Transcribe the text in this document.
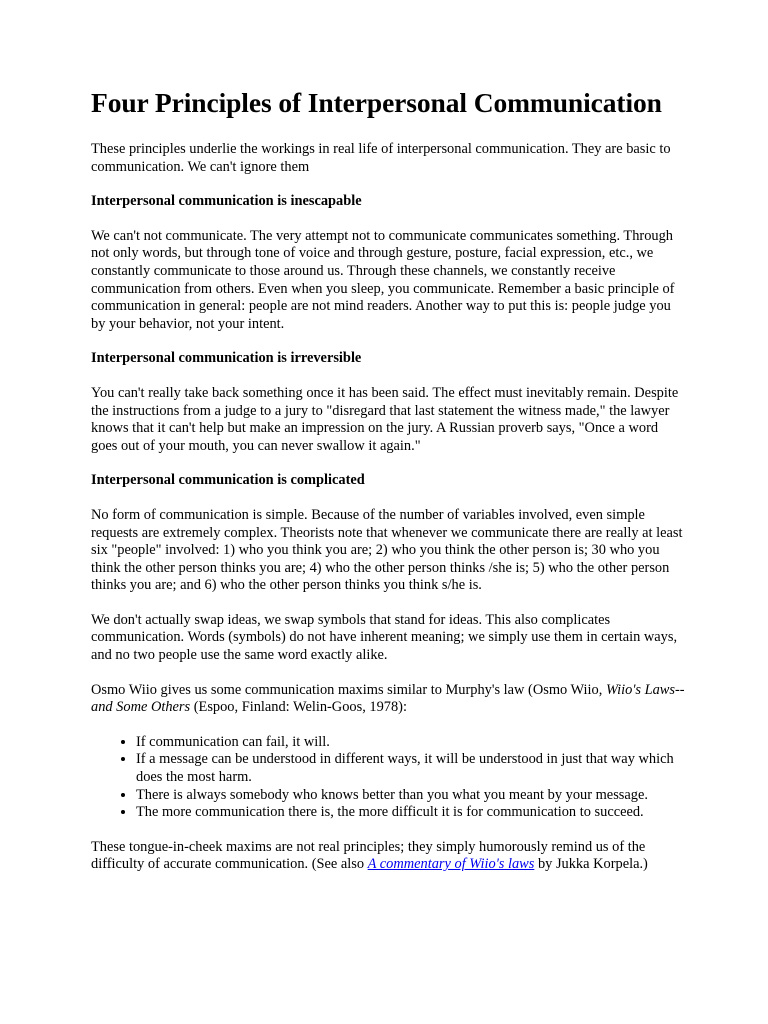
Four Principles of Interpersonal Communication

These principles underlie the workings in real life of interpersonal communication. They are basic to communication. We can't ignore them

Interpersonal communication is inescapable

We can't not communicate. The very attempt not to communicate communicates something. Through not only words, but through tone of voice and through gesture, posture, facial expression, etc., we constantly communicate to those around us. Through these channels, we constantly receive communication from others. Even when you sleep, you communicate. Remember a basic principle of communication in general: people are not mind readers. Another way to put this is: people judge you by your behavior, not your intent.

Interpersonal communication is irreversible

You can't really take back something once it has been said. The effect must inevitably remain. Despite the instructions from a judge to a jury to "disregard that last statement the witness made," the lawyer knows that it can't help but make an impression on the jury. A Russian proverb says, "Once a word goes out of your mouth, you can never swallow it again."

Interpersonal communication is complicated

No form of communication is simple. Because of the number of variables involved, even simple requests are extremely complex. Theorists note that whenever we communicate there are really at least six "people" involved: 1) who you think you are; 2) who you think the other person is; 30 who you think the other person thinks you are; 4) who the other person thinks /she is; 5) who the other person thinks you are; and 6) who the other person thinks you think s/he is.

We don't actually swap ideas, we swap symbols that stand for ideas. This also complicates communication. Words (symbols) do not have inherent meaning; we simply use them in certain ways, and no two people use the same word exactly alike.

Osmo Wiio gives us some communication maxims similar to Murphy's law (Osmo Wiio, Wiio's Laws--and Some Others (Espoo, Finland: Welin-Goos, 1978):

• If communication can fail, it will.
• If a message can be understood in different ways, it will be understood in just that way which does the most harm.
• There is always somebody who knows better than you what you meant by your message.
• The more communication there is, the more difficult it is for communication to succeed.

These tongue-in-cheek maxims are not real principles; they simply humorously remind us of the difficulty of accurate communication. (See also A commentary of Wiio's laws by Jukka Korpela.)
